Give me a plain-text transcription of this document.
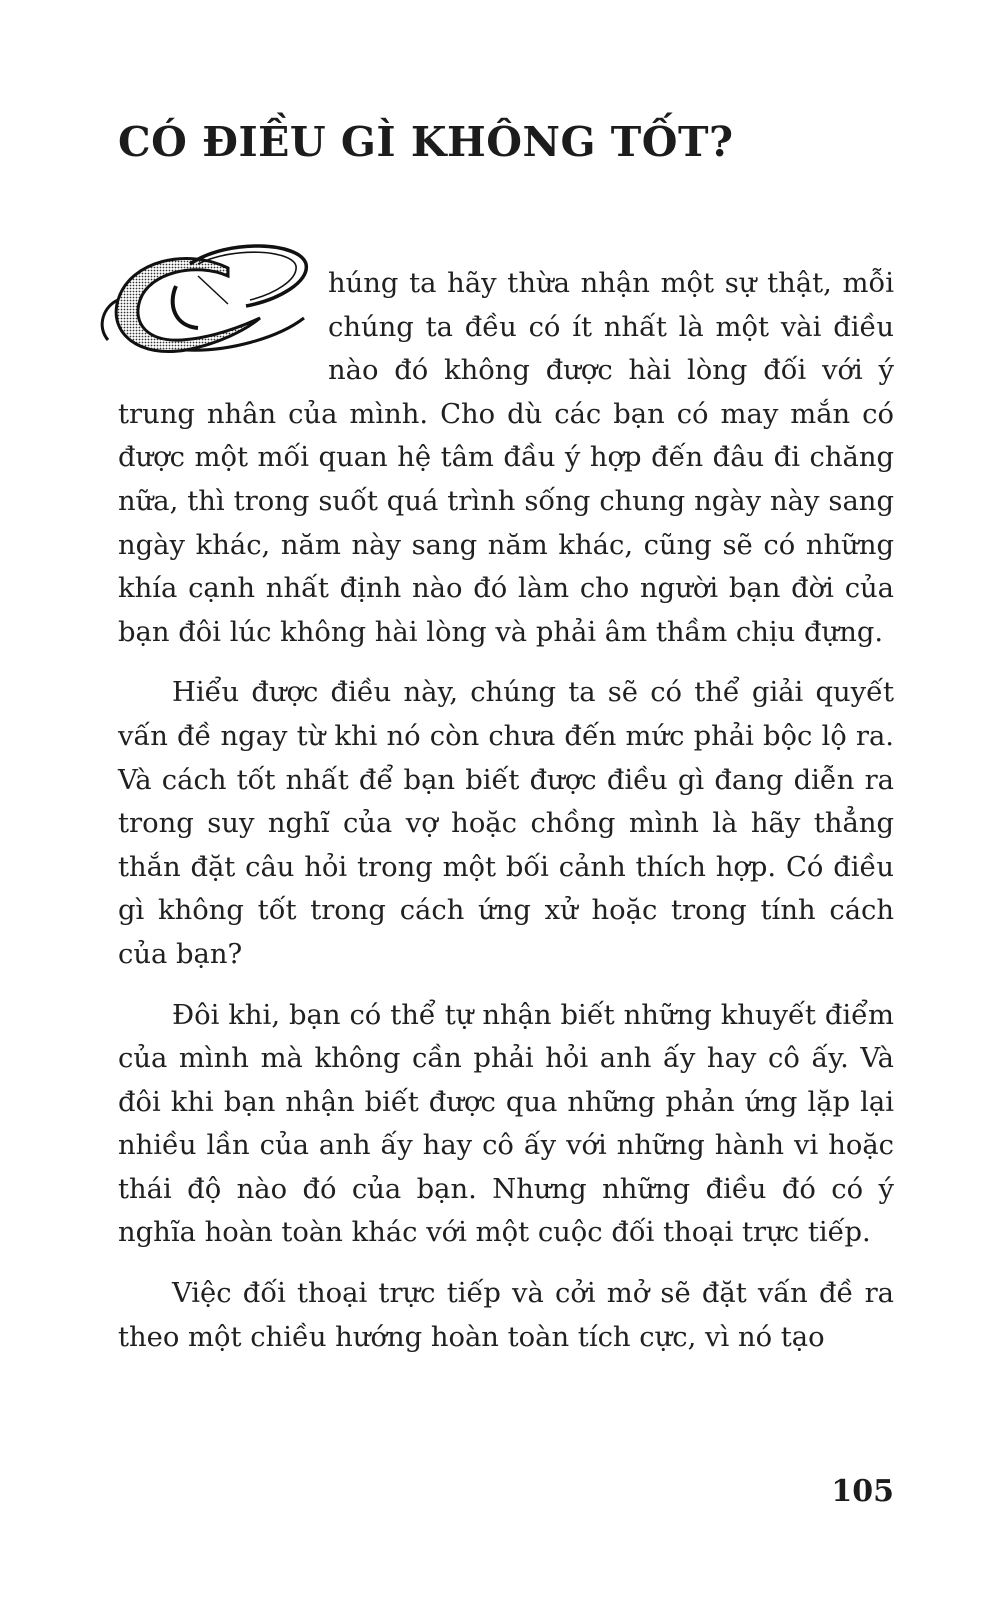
CÓ ĐIỀU GÌ KHÔNG TỐT?

húng ta hãy thừa nhận một sự thật, mỗi chúng ta đều có ít nhất là một vài điều nào đó không được hài lòng đối với ý trung nhân của mình. Cho dù các bạn có may mắn có được một mối quan hệ tâm đầu ý hợp đến đâu đi chăng nữa, thì trong suốt quá trình sống chung ngày này sang ngày khác, năm này sang năm khác, cũng sẽ có những khía cạnh nhất định nào đó làm cho người bạn đời của bạn đôi lúc không hài lòng và phải âm thầm chịu đựng.

Hiểu được điều này, chúng ta sẽ có thể giải quyết vấn đề ngay từ khi nó còn chưa đến mức phải bộc lộ ra. Và cách tốt nhất để bạn biết được điều gì đang diễn ra trong suy nghĩ của vợ hoặc chồng mình là hãy thẳng thắn đặt câu hỏi trong một bối cảnh thích hợp. Có điều gì không tốt trong cách ứng xử hoặc trong tính cách của bạn?

Đôi khi, bạn có thể tự nhận biết những khuyết điểm của mình mà không cần phải hỏi anh ấy hay cô ấy. Và đôi khi bạn nhận biết được qua những phản ứng lặp lại nhiều lần của anh ấy hay cô ấy với những hành vi hoặc thái độ nào đó của bạn. Nhưng những điều đó có ý nghĩa hoàn toàn khác với một cuộc đối thoại trực tiếp.

Việc đối thoại trực tiếp và cởi mở sẽ đặt vấn đề ra theo một chiều hướng hoàn toàn tích cực, vì nó tạo

105
